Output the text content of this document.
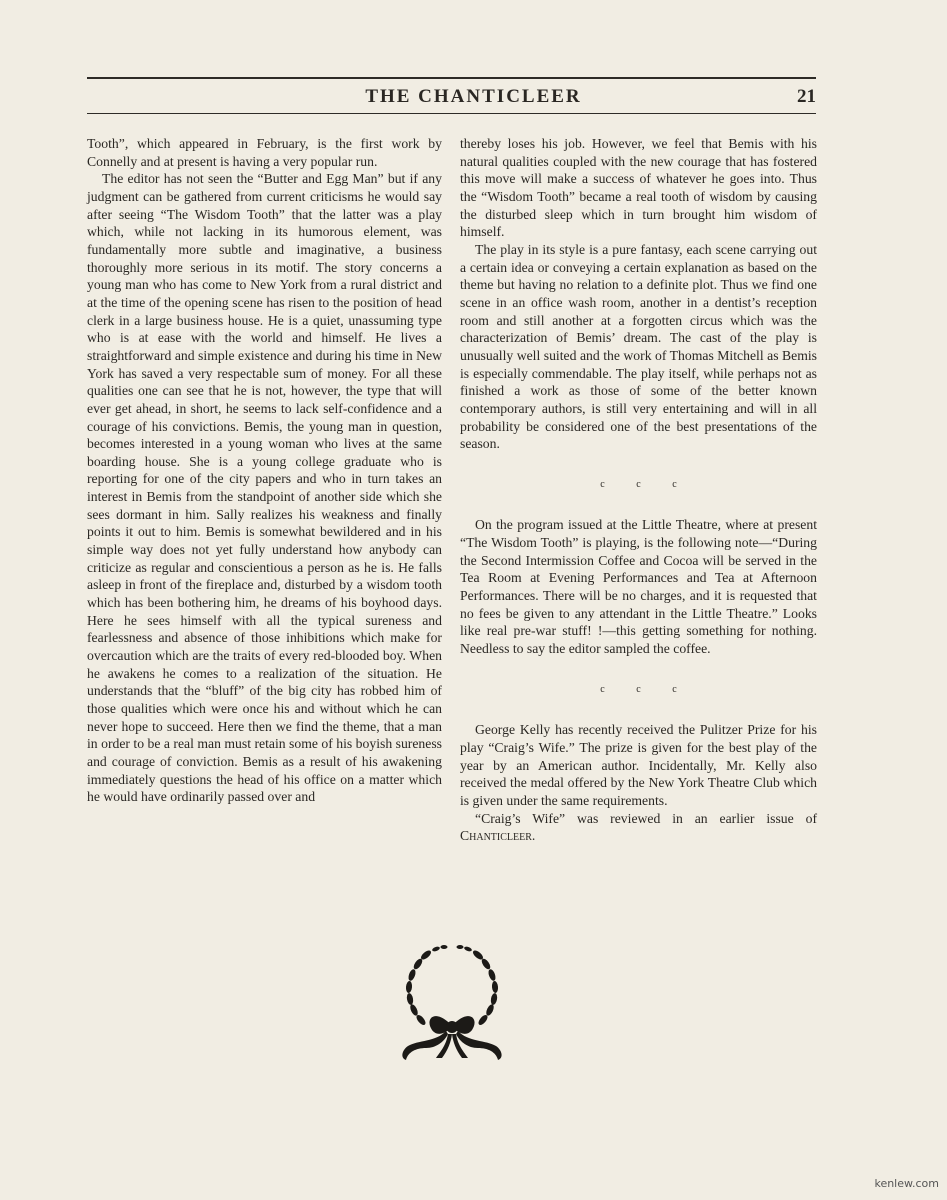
THE CHANTICLEER	21

Tooth”, which appeared in February, is the first work by Connelly and at present is having a very popular run.

The editor has not seen the “Butter and Egg Man” but if any judgment can be gathered from current criticisms he would say after seeing “The Wisdom Tooth” that the latter was a play which, while not lacking in its humorous element, was fundamentally more subtle and imaginative, a business thoroughly more serious in its motif. The story concerns a young man who has come to New York from a rural district and at the time of the opening scene has risen to the position of head clerk in a large business house. He is a quiet, unassuming type who is at ease with the world and himself. He lives a straightforward and simple existence and during his time in New York has saved a very respectable sum of money. For all these qualities one can see that he is not, however, the type that will ever get ahead, in short, he seems to lack self-confidence and a courage of his convictions. Bemis, the young man in question, becomes interested in a young woman who lives at the same boarding house. She is a young college graduate who is reporting for one of the city papers and who in turn takes an interest in Bemis from the standpoint of another side which she sees dormant in him. Sally realizes his weakness and finally points it out to him. Bemis is somewhat bewildered and in his simple way does not yet fully understand how anybody can criticize as regular and conscientious a person as he is. He falls asleep in front of the fireplace and, disturbed by a wisdom tooth which has been bothering him, he dreams of his boyhood days. Here he sees himself with all the typical sureness and fearlessness and absence of those inhibitions which make for overcaution which are the traits of every red-blooded boy. When he awakens he comes to a realization of the situation. He understands that the “bluff” of the big city has robbed him of those qualities which were once his and without which he can never hope to succeed. Here then we find the theme, that a man in order to be a real man must retain some of his boyish sureness and courage of conviction. Bemis as a result of his awakening immediately questions the head of his office on a matter which he would have ordinarily passed over and

thereby loses his job. However, we feel that Bemis with his natural qualities coupled with the new courage that has fostered this move will make a success of whatever he goes into. Thus the “Wisdom Tooth” became a real tooth of wisdom by causing the disturbed sleep which in turn brought him wisdom of himself.

The play in its style is a pure fantasy, each scene carrying out a certain idea or conveying a certain explanation as based on the theme but having no relation to a definite plot. Thus we find one scene in an office wash room, another in a dentist’s reception room and still another at a forgotten circus which was the characterization of Bemis’ dream. The cast of the play is unusually well suited and the work of Thomas Mitchell as Bemis is especially commendable. The play itself, while perhaps not as finished a work as those of some of the better known contemporary authors, is still very entertaining and will in all probability be considered one of the best presentations of the season.

c	c	c

On the program issued at the Little Theatre, where at present “The Wisdom Tooth” is playing, is the following note—“During the Second Intermission Coffee and Cocoa will be served in the Tea Room at Evening Performances and Tea at Afternoon Performances. There will be no charges, and it is requested that no fees be given to any attendant in the Little Theatre.” Looks like real pre-war stuff! !—this getting something for nothing. Needless to say the editor sampled the coffee.

c	c	c

George Kelly has recently received the Pulitzer Prize for his play “Craig’s Wife.” The prize is given for the best play of the year by an American author. Incidentally, Mr. Kelly also received the medal offered by the New York Theatre Club which is given under the same requirements.

“Craig’s Wife” was reviewed in an earlier issue of Chanticleer.

kenlew.com
